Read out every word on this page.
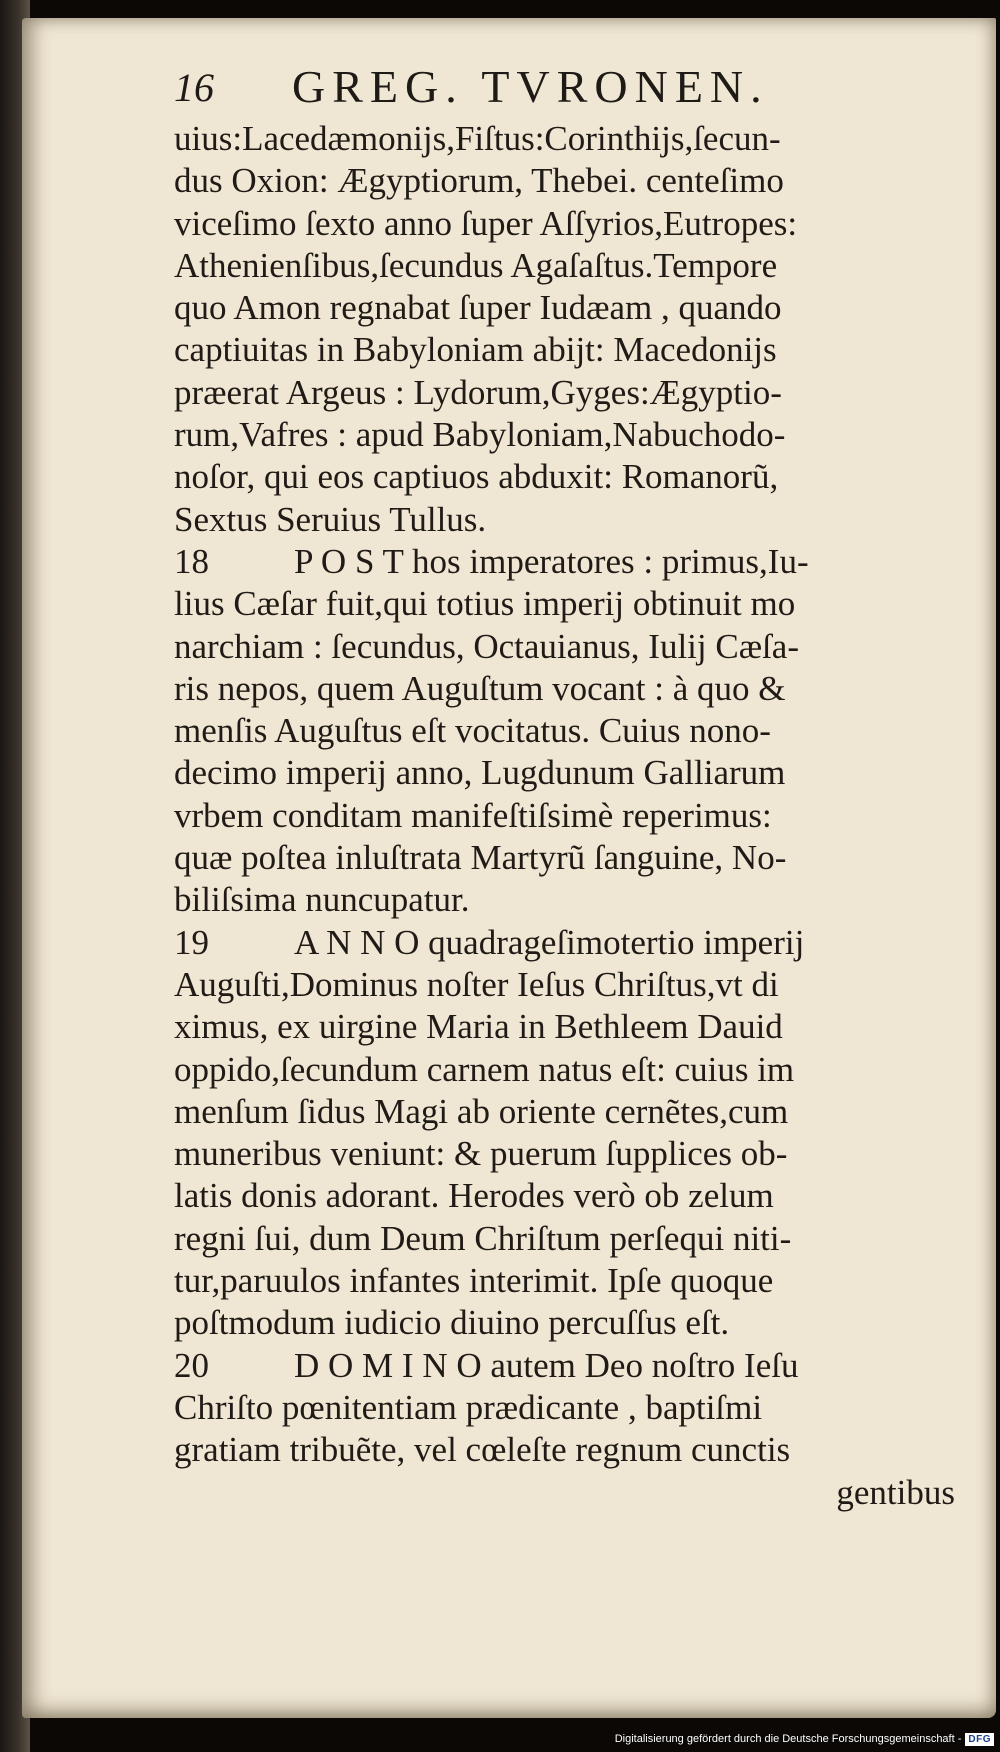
16 GREG. TVRONEN.
uius:Lacedæmonijs,Fiſtus:Corinthijs,ſecun-
dus Oxion: Ægyptiorum, Thebei. centeſimo
viceſimo ſexto anno ſuper Aſſyrios,Eutropes:
Athenienſibus,ſecundus Agaſaſtus.Tempore
quo Amon regnabat ſuper Iudæam , quando
captiuitas in Babyloniam abijt: Macedonijs
præerat Argeus : Lydorum,Gyges:Ægyptio-
rum,Vafres : apud Babyloniam,Nabuchodo-
noſor, qui eos captiuos abduxit: Romanorũ,
Sextus Seruius Tullus.
18 P O S T hos imperatores : primus,Iu-
lius Cæſar fuit,qui totius imperij obtinuit mo
narchiam : ſecundus, Octauianus, Iulij Cæſa-
ris nepos, quem Auguſtum vocant : à quo &
menſis Auguſtus eſt vocitatus. Cuius nono-
decimo imperij anno, Lugdunum Galliarum
vrbem conditam manifeſtiſsimè reperimus:
quæ poſtea inluſtrata Martyrũ ſanguine, No-
biliſsima nuncupatur.
19 A N N O quadrageſimotertio imperij
Auguſti,Dominus noſter Ieſus Chriſtus,vt di
ximus, ex uirgine Maria in Bethleem Dauid
oppido,ſecundum carnem natus eſt: cuius im
menſum ſidus Magi ab oriente cernẽtes,cum
muneribus veniunt: & puerum ſupplices ob-
latis donis adorant. Herodes verò ob zelum
regni ſui, dum Deum Chriſtum perſequi niti-
tur,paruulos infantes interimit. Ipſe quoque
poſtmodum iudicio diuino percuſſus eſt.
20 D O M I N O autem Deo noſtro Ieſu
Chriſto pœnitentiam prædicante , baptiſmi
gratiam tribuẽte, vel cœleſte regnum cunctis
gentibus
Digitalisierung gefördert durch die Deutsche Forschungsgemeinschaft - DFG
